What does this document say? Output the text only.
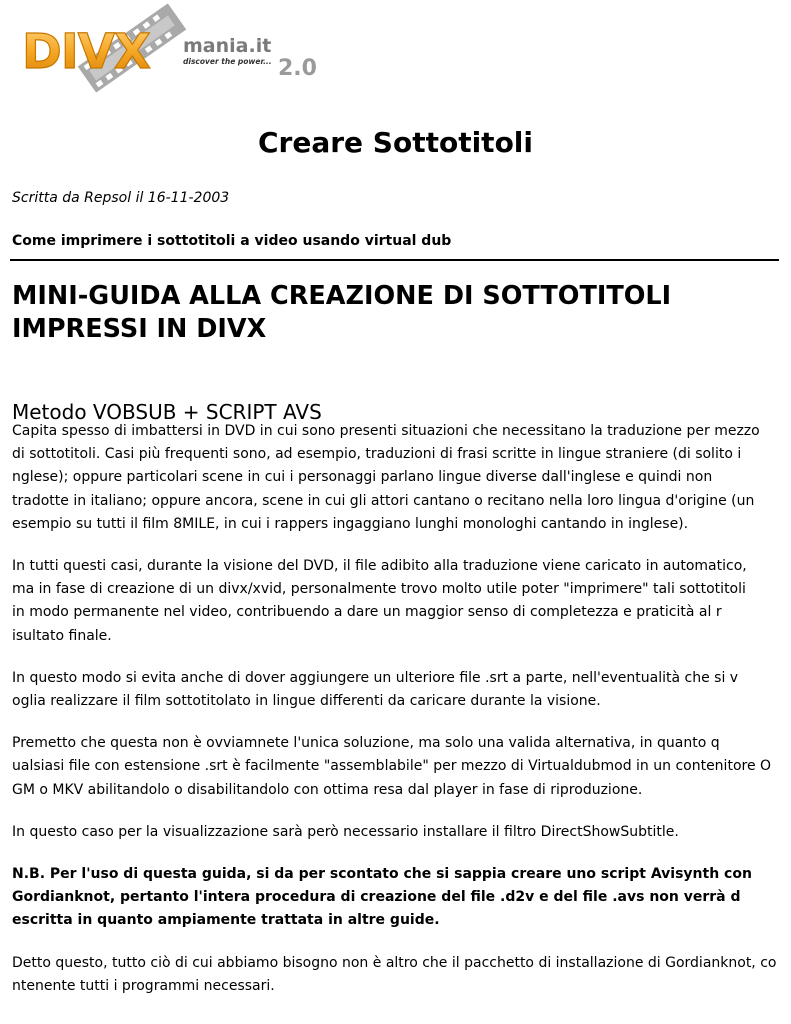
DIVX mania.it
discover the power... 2.0
Creare Sottotitoli

Scritta da Repsol il 16-11-2003

Come imprimere i sottotitoli a video usando virtual dub

MINI-GUIDA ALLA CREAZIONE DI SOTTOTITOLI IMPRESSI IN DIVX
Metodo VOBSUB + SCRIPT AVS

Capita spesso di imbattersi in DVD in cui sono presenti situazioni che necessitano la traduzione per mezzo
di sottotitoli. Casi più frequenti sono, ad esempio, traduzioni di frasi scritte in lingue straniere (di solito i
nglese); oppure particolari scene in cui i personaggi parlano lingue diverse dall'inglese e quindi non
tradotte in italiano; oppure ancora, scene in cui gli attori cantano o recitano nella loro lingua d'origine (un
esempio su tutti il film 8MILE, in cui i rappers ingaggiano lunghi monologhi cantando in inglese).

In tutti questi casi, durante la visione del DVD, il file adibito alla traduzione viene caricato in automatico,
ma in fase di creazione di un divx/xvid, personalmente trovo molto utile poter "imprimere" tali sottotitoli
in modo permanente nel video, contribuendo a dare un maggior senso di completezza e praticità al r
isultato finale.

In questo modo si evita anche di dover aggiungere un ulteriore file .srt a parte, nell'eventualità che si v
oglia realizzare il film sottotitolato in lingue differenti da caricare durante la visione.

Premetto che questa non è ovviamnete l'unica soluzione, ma solo una valida alternativa, in quanto q
ualsiasi file con estensione .srt è facilmente "assemblabile" per mezzo di Virtualdubmod in un contenitore O
GM o MKV abilitandolo o disabilitandolo con ottima resa dal player in fase di riproduzione.

In questo caso per la visualizzazione sarà però necessario installare il filtro DirectShowSubtitle.

N.B. Per l'uso di questa guida, si da per scontato che si sappia creare uno script Avisynth con
Gordianknot, pertanto l'intera procedura di creazione del file .d2v e del file .avs non verrà d
escritta in quanto ampiamente trattata in altre guide.

Detto questo, tutto ciò di cui abbiamo bisogno non è altro che il pacchetto di installazione di Gordianknot, co
ntenente tutti i programmi necessari.
